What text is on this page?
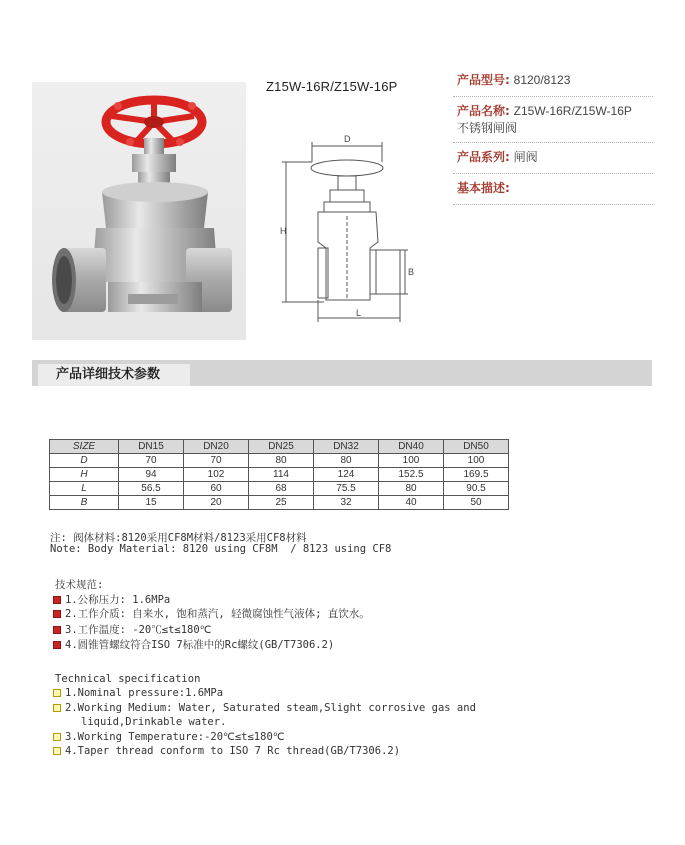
Z15W-16R/Z15W-16P
D
H
B
L
产品型号: 8120/8123
产品名称: Z15W-16R/Z15W-16P
不锈钢闸阀
产品系列: 闸阀
基本描述:
产品详细技术参数
SIZE	DN15	DN20	DN25	DN32	DN40	DN50
D	70	70	80	80	100	100
H	94	102	114	124	152.5	169.5
L	56.5	60	68	75.5	80	90.5
B	15	20	25	32	40	50
注: 阀体材料:8120采用CF8M材料/8123采用CF8材料
Note: Body Material: 8120 using CF8M  / 8123 using CF8
技术规范:
1.公称压力: 1.6MPa
2.工作介质: 自来水, 饱和蒸汽, 轻微腐蚀性气液体; 直饮水。
3.工作温度: -20℃≤t≤180℃
4.圆锥管螺纹符合ISO 7标准中的Rc螺纹(GB/T7306.2)
Technical specification
1.Nominal pressure:1.6MPa
2.Working Medium: Water, Saturated steam,Slight corrosive gas and
liquid,Drinkable water.
3.Working Temperature:-20℃≤t≤180℃
4.Taper thread conform to ISO 7 Rc thread(GB/T7306.2)
